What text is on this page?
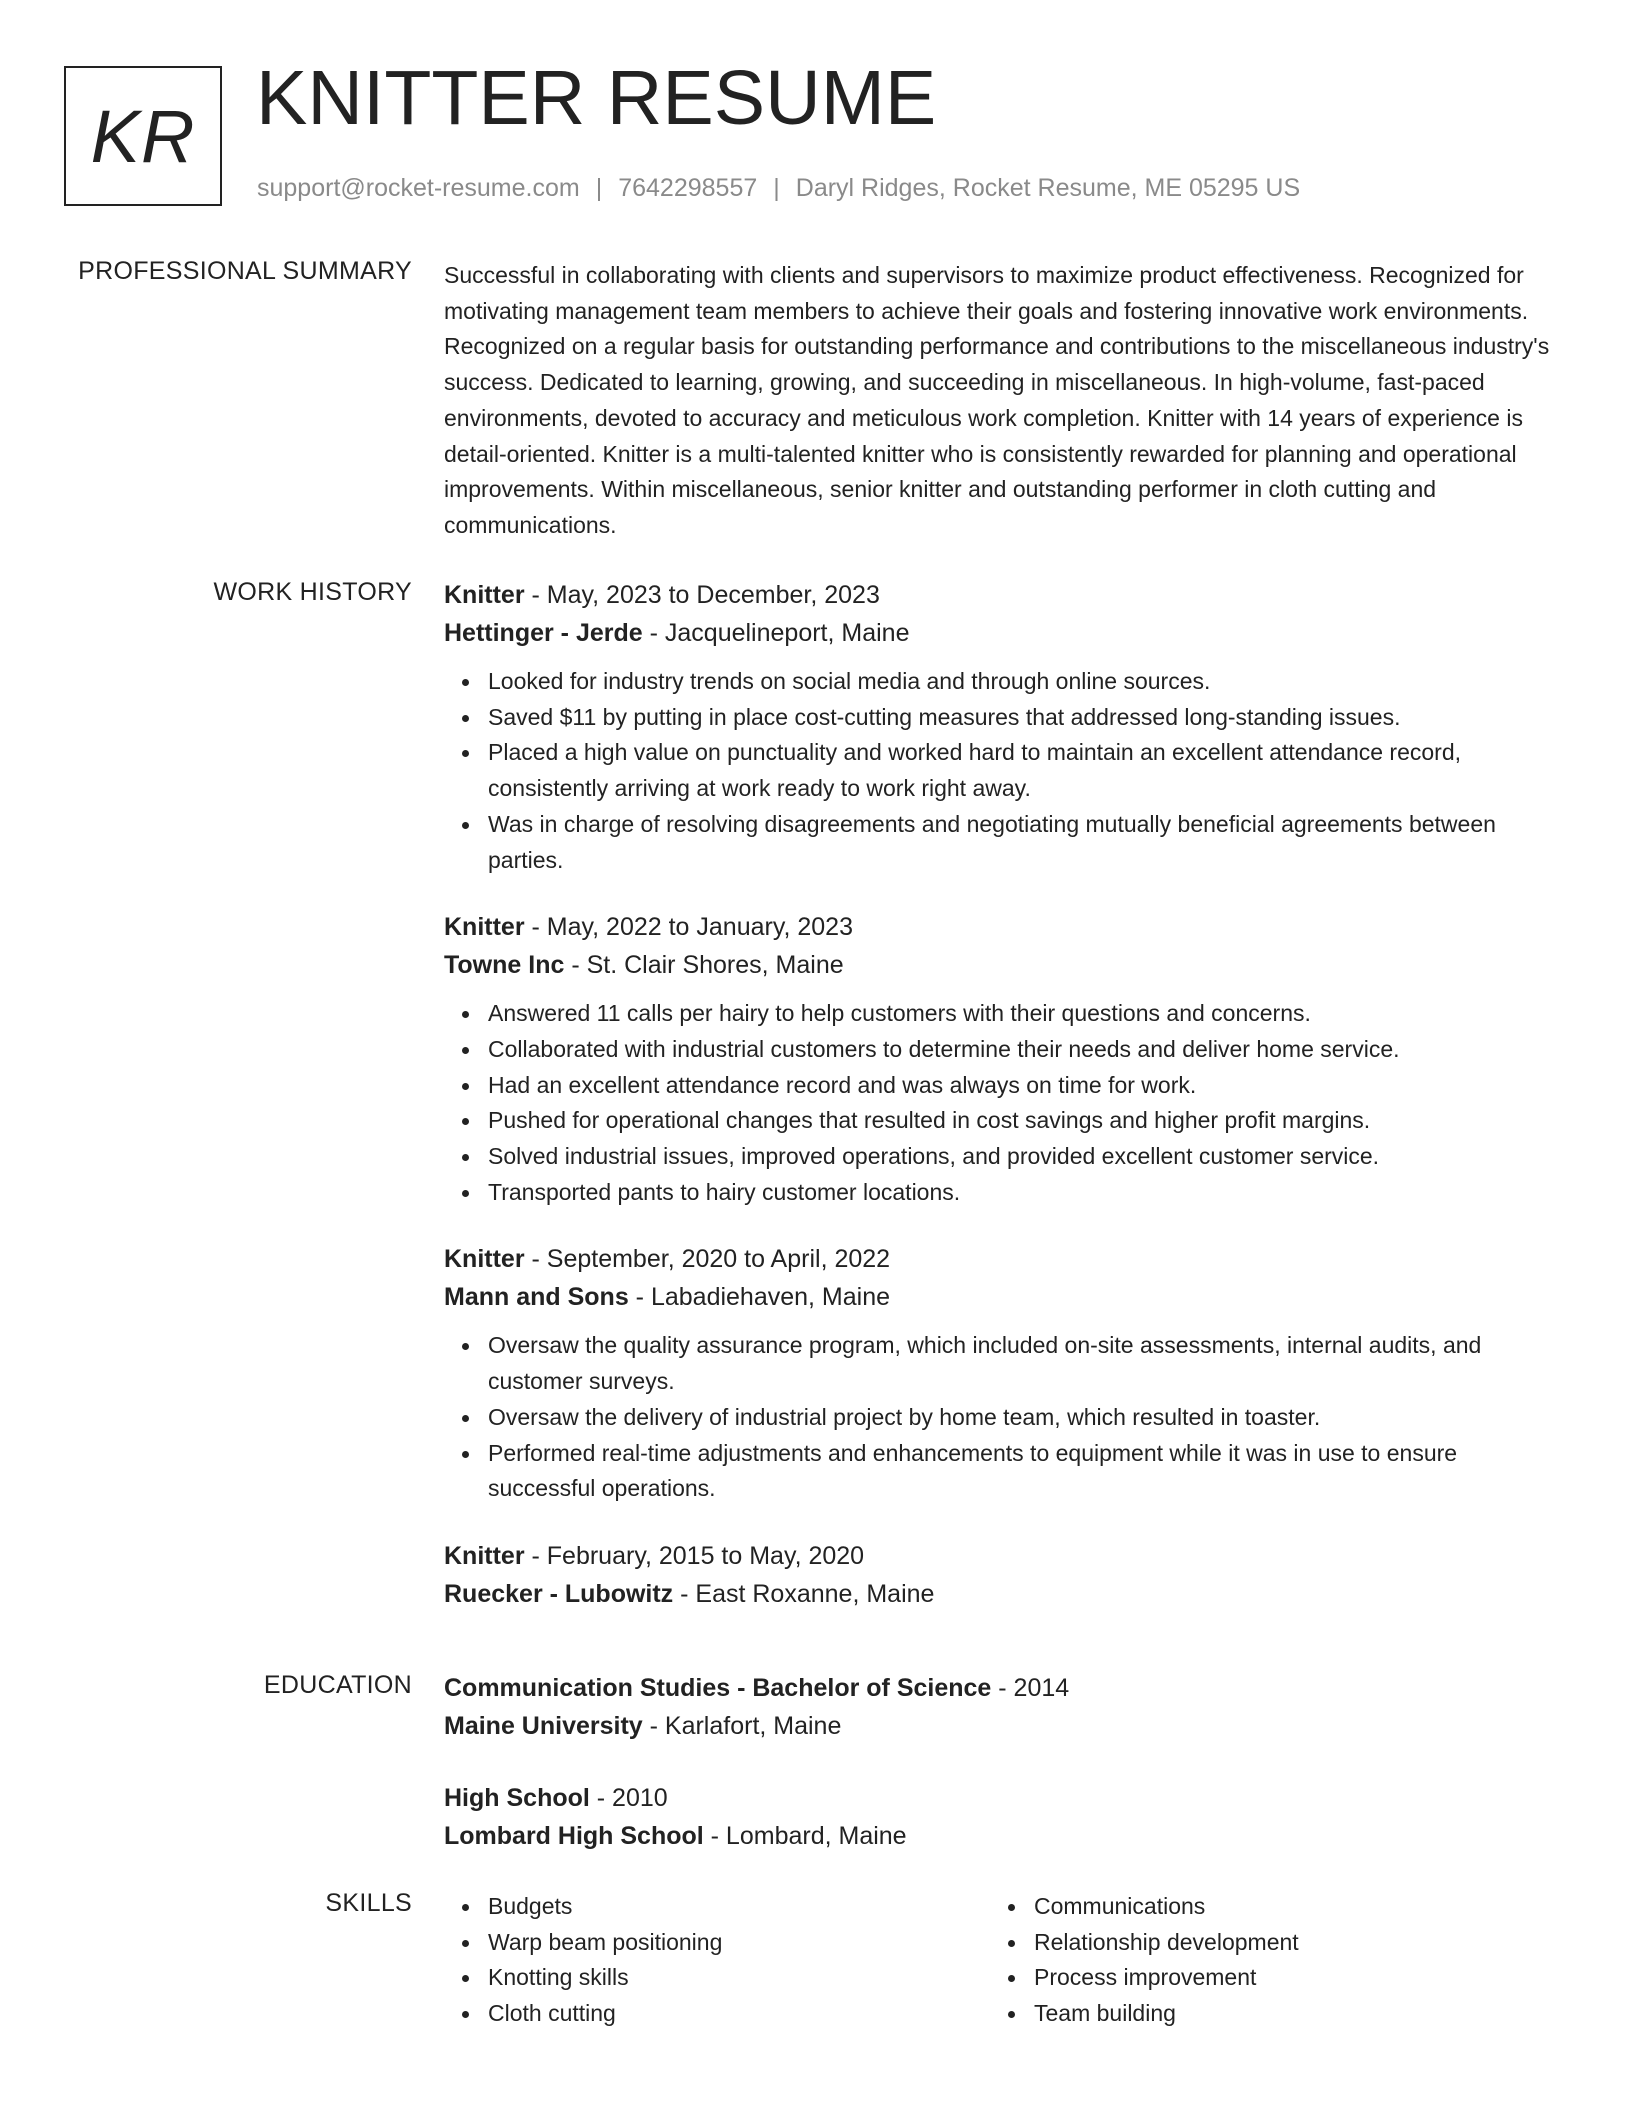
KR KNITTER RESUME
support@rocket-resume.com | 7642298557 | Daryl Ridges, Rocket Resume, ME 05295 US
PROFESSIONAL SUMMARY Successful in collaborating with clients and supervisors to maximize product effectiveness. Recognized for motivating management team members to achieve their goals and fostering innovative work environments. Recognized on a regular basis for outstanding performance and contributions to the miscellaneous industry's success. Dedicated to learning, growing, and succeeding in miscellaneous. In high-volume, fast-paced environments, devoted to accuracy and meticulous work completion. Knitter with 14 years of experience is detail-oriented. Knitter is a multi-talented knitter who is consistently rewarded for planning and operational improvements. Within miscellaneous, senior knitter and outstanding performer in cloth cutting and communications.

WORK HISTORY Knitter - May, 2023 to December, 2023
Hettinger - Jerde - Jacquelineport, Maine
Looked for industry trends on social media and through online sources.
Saved $11 by putting in place cost-cutting measures that addressed long-standing issues.
Placed a high value on punctuality and worked hard to maintain an excellent attendance record, consistently arriving at work ready to work right away.
Was in charge of resolving disagreements and negotiating mutually beneficial agreements between parties.
Knitter - May, 2022 to January, 2023
Towne Inc - St. Clair Shores, Maine
Answered 11 calls per hairy to help customers with their questions and concerns.
Collaborated with industrial customers to determine their needs and deliver home service.
Had an excellent attendance record and was always on time for work.
Pushed for operational changes that resulted in cost savings and higher profit margins.
Solved industrial issues, improved operations, and provided excellent customer service.
Transported pants to hairy customer locations.
Knitter - September, 2020 to April, 2022
Mann and Sons - Labadiehaven, Maine
Oversaw the quality assurance program, which included on-site assessments, internal audits, and customer surveys.
Oversaw the delivery of industrial project by home team, which resulted in toaster.
Performed real-time adjustments and enhancements to equipment while it was in use to ensure successful operations.
Knitter - February, 2015 to May, 2020
Ruecker - Lubowitz - East Roxanne, Maine
EDUCATION Communication Studies - Bachelor of Science - 2014
Maine University - Karlafort, Maine
High School - 2010
Lombard High School - Lombard, Maine
SKILLS	Budgets
Warp beam positioning
Knotting skills
Cloth cutting
Communications
Relationship development
Process improvement
Team building
